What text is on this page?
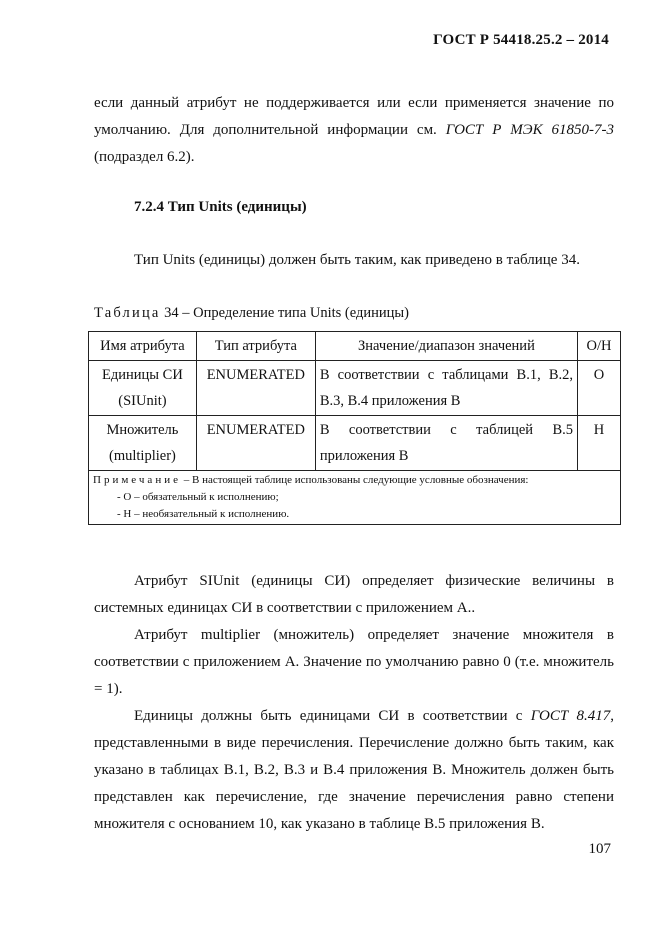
ГОСТ Р 54418.25.2 – 2014

если данный атрибут не поддерживается или если применяется значение по умолчанию. Для дополнительной информации см. ГОСТ Р МЭК 61850-7-3 (подраздел 6.2).

7.2.4 Тип Units (единицы)
Тип Units (единицы) должен быть таким, как приведено в таблице 34.
Таблица 34 – Определение типа Units (единицы)
Имя атрибута	Тип атрибута	Значение/диапазон значений	О/Н

Единицы СИ
(SIUnit)	ENUMERATED	В соответствии с таблицами В.1, В.2, В.3, В.4 приложения В	О

Множитель
(multiplier)	ENUMERATED	В соответствии с таблицей В.5 приложения В	Н

Примечание – В настоящей таблице использованы следующие условные обозначения:
- О – обязательный к исполнению;
- Н – необязательный к исполнению.			

Атрибут SIUnit (единицы СИ) определяет физические величины в системных единицах СИ в соответствии с приложением А..

Атрибут multiplier (множитель) определяет значение множителя в соответствии с приложением А. Значение по умолчанию равно 0 (т.е. множитель = 1).

Единицы должны быть единицами СИ в соответствии с ГОСТ 8.417, представленными в виде перечисления. Перечисление должно быть таким, как указано в таблицах В.1, В.2, В.3 и В.4 приложения В. Множитель должен быть представлен как перечисление, где значение перечисления равно степени множителя с основанием 10, как указано в таблице В.5 приложения В.

107
